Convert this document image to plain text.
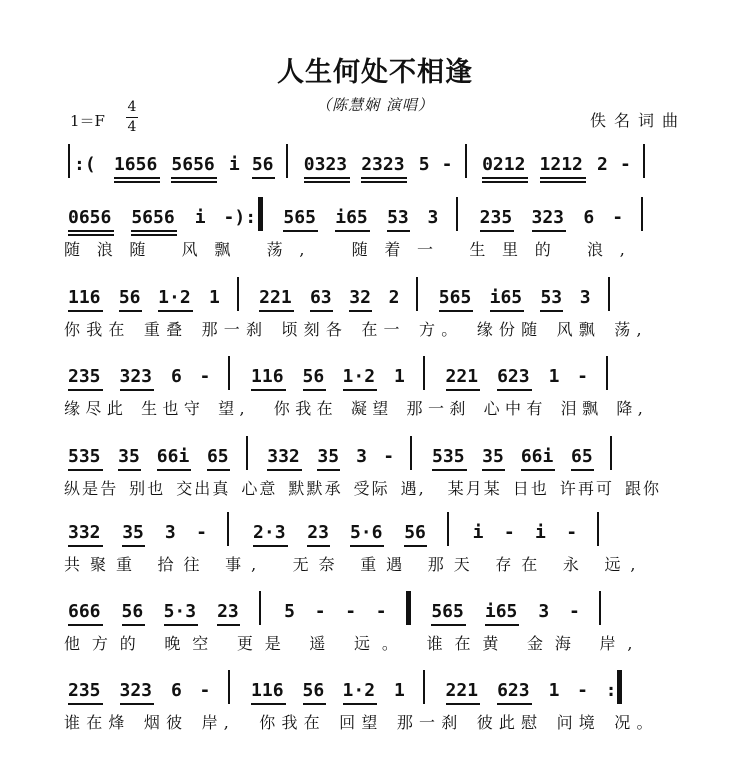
人生何处不相逢
（陈慧娴 演唱）
1＝F
4
4	佚名词曲
:( 1656 5656 i 56 0323 2323 5 - 0212 1212 2 -
0656 5656 i -): 565 i65 53 3 235 323 6 -
随浪随 风飘 荡, 随着一 生里的 浪,
116 56 1·2 1 221 63 32 2 565 i65 53 3
你我在 重叠 那一刹 顷刻各 在一 方。 缘份随 风飘 荡,
235 323 6 - 116 56 1·2 1 221 623 1 -
缘尽此 生也守 望, 你我在 凝望 那一刹 心中有 泪飘 降,
535 35 66i 65 332 35 3 - 535 35 66i 65
纵是告 别也 交出真 心意 默默承 受际 遇, 某月某 日也 许再可 跟你
332 35 3 -	2·3 23 5·6 56	i - i -
共聚重 拾往 事, 无奈 重遇 那天 存在 永 远,
666 56 5·3 23	5 - - - 565 i65 3 -
他方的 晚空 更是 遥 远。 谁在黄 金海 岸,
235 323 6 - 116 56 1·2 1 221 623 1 - :
谁在烽 烟彼 岸, 你我在 回望 那一刹 彼此慰 问境 况。
